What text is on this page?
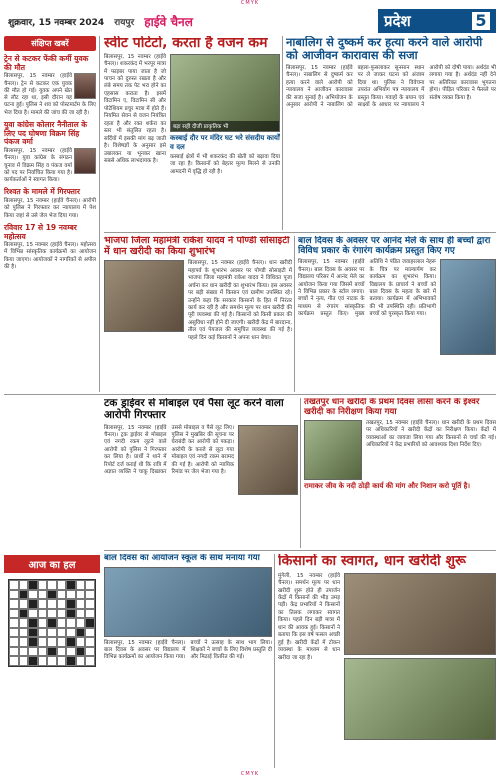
CMYK
शुक्रवार, 15 नवम्बर 2024 रायपुर हाईवे चैनल	प्रदेश	5
संक्षिप्त खबरें
ट्रेन से कटकर फेंकी कर्मी युवक की मौत
बिलासपुर, 15 नवम्बर (हाईवे चैनल)। ट्रेन से कटकर एक युवक की मौत हो गई। युवक अपने खेत से लौट रहा था, इसी दौरान यह घटना हुई। पुलिस ने शव को पोस्टमार्टम के लिए भेज दिया है। मामले की जांच की जा रही है।
युवा कांग्रेस कोलार नैनीताल के लिए पद घोषणा विक्रम सिंह पंकज वर्मा
बिलासपुर, 15 नवम्बर (हाईवे चैनल)। युवा कांग्रेस के संगठन चुनाव में विक्रम सिंह व पंकज वर्मा को पद पर निर्वाचित किया गया है। कार्यकर्ताओं ने स्वागत किया।
रिश्वत के मामले में गिरफ्तार
बिलासपुर, 15 नवम्बर (हाईवे चैनल)। आरोपी को पुलिस ने गिरफ्तार कर न्यायालय में पेश किया जहां से उसे जेल भेज दिया गया।
रविवार 17 से 19 नवम्बर महोत्सव
बिलासपुर, 15 नवम्बर (हाईवे चैनल)। महोत्सव में विभिन्न सांस्कृतिक कार्यक्रमों का आयोजन किया जाएगा। आयोजकों ने नागरिकों से अपील की है।
स्वीट पोटेटो, करता है वजन कम
बिलासपुर, 15 नवम्बर (हाईवे चैनल)। शकरकंद में भरपूर मात्रा में फाइबर पाया जाता है जो पाचन को दुरुस्त रखता है और लंबे समय तक पेट भरा होने का एहसास कराता है। इसमें विटामिन ए, विटामिन सी और पोटेशियम प्रचुर मात्रा में होते हैं। नियमित सेवन से वजन नियंत्रित रहता है और रक्त शर्करा का स्तर भी संतुलित रहता है। सर्दियों में इसकी मांग बढ़ जाती है। विशेषज्ञों के अनुसार इसे उबालकर या भूनकर खाना सबसे अधिक लाभदायक है।
बड़ा सही दीजी प्राकृतिक भी
कस्बाई दौर पर मंदिर घट भरे संसदीय कार्यों व दल
कस्बाई क्षेत्रों में भी शकरकंद की खेती को बढ़ावा दिया जा रहा है। किसानों को बेहतर मूल्य मिलने से उनकी आमदनी में वृद्धि हो रही है।
नाबालिग से दुष्कर्म कर हत्या करने वाले आरोपी को आजीवन कारावास की सजा
बिलासपुर, 15 नवम्बर (हाईवे चैनल)। नाबालिग से दुष्कर्म कर हत्या करने वाले आरोपी को न्यायालय ने आजीवन कारावास की सजा सुनाई है। अभियोजन के अनुसार आरोपी ने नाबालिग को बहला-फुसलाकर सुनसान स्थान पर ले जाकर घटना को अंजाम दिया था। पुलिस ने विवेचना उपरांत अभियोग पत्र न्यायालय में प्रस्तुत किया। गवाहों के बयान एवं साक्ष्यों के आधार पर न्यायालय ने आरोपी को दोषी पाया। अर्थदंड भी लगाया गया है। अर्थदंड नहीं देने पर अतिरिक्त कारावास भुगतना होगा। पीड़ित परिवार ने फैसले पर संतोष व्यक्त किया है।
भाजपा जिला महामंत्री राकेश यादव ने पोण्डी सोसाइटी में धान खरीदी का किया शुभारंभ
बिलासपुर, 15 नवम्बर (हाईवे चैनल)। धान खरीदी महापर्व के शुभारंभ अवसर पर पोण्डी सोसाइटी में भाजपा जिला महामंत्री राकेश यादव ने विधिवत पूजा अर्चना कर धान खरीदी का शुभारंभ किया। इस अवसर पर बड़ी संख्या में किसान एवं ग्रामीण उपस्थित रहे। उन्होंने कहा कि सरकार किसानों के हित में निरंतर कार्य कर रही है और समर्थन मूल्य पर धान खरीदी की पूरी व्यवस्था की गई है। किसानों को किसी प्रकार की असुविधा नहीं होने दी जाएगी। खरीदी केंद्र में बारदाना, तौल एवं पेयजल की समुचित व्यवस्था की गई है। पहले दिन कई किसानों ने अपना धान बेचा।
बाल दिवस के अवसर पर आनंद मेले के साथ ही बच्चों द्वारा विविध प्रकार के रंगारंग कार्यक्रम प्रस्तुत किए गए
बिलासपुर, 15 नवम्बर (हाईवे चैनल)। बाल दिवस के अवसर पर विद्यालय परिसर में आनंद मेले का आयोजन किया गया जिसमें बच्चों ने विभिन्न प्रकार के स्टॉल लगाए। बच्चों ने नृत्य, गीत एवं नाटक के माध्यम से रंगारंग सांस्कृतिक कार्यक्रम प्रस्तुत किए। मुख्य अतिथि ने पंडित जवाहरलाल नेहरू के चित्र पर माल्यार्पण कर कार्यक्रम का शुभारंभ किया। विद्यालय के प्राचार्य ने बच्चों को बाल दिवस के महत्व के बारे में बताया। कार्यक्रम में अभिभावकों की भी उपस्थिति रही। प्रतिभागी बच्चों को पुरस्कृत किया गया।
टक ड्राईवर से मोबाइल एवं पैसा लूट करने वाला आरोपी गिरफ्तार
बिलासपुर, 15 नवम्बर (हाईवे चैनल)। ट्रक ड्राईवर से मोबाइल एवं नगदी रकम लूटने वाले आरोपी को पुलिस ने गिरफ्तार कर लिया है। प्रार्थी ने थाने में रिपोर्ट दर्ज कराई थी कि रात्रि में अज्ञात व्यक्ति ने चाकू दिखाकर उससे मोबाइल व पैसे लूट लिए। पुलिस ने मुखबिर की सूचना पर घेराबंदी कर आरोपी को पकड़ा। आरोपी के कब्जे से लूटा गया मोबाइल एवं नगदी रकम बरामद की गई है। आरोपी को न्यायिक रिमांड पर जेल भेजा गया है।
तखतपुर धान खरीदी के प्रथम दिवस लांसा करने के ईश्वर खरीदी का निरीक्षण किया गया
तखतपुर, 15 नवम्बर (हाईवे चैनल)। धान खरीदी के प्रथम दिवस पर अधिकारियों ने खरीदी केंद्रों का निरीक्षण किया। केंद्रों में व्यवस्थाओं का जायजा लिया गया और किसानों से चर्चा की गई। अधिकारियों ने केंद्र प्रभारियों को आवश्यक दिशा निर्देश दिए।
रामाकर जीव के नदी ठोड़ी कार्य की मांग और निशान करो पूर्ति है।
आज का हल
बाल दिवस का आयोजन स्कूल के साथ मनाया गया
बिलासपुर, 15 नवम्बर (हाईवे चैनल)। बाल दिवस के अवसर पर विद्यालय में विभिन्न कार्यक्रमों का आयोजन किया गया। बच्चों ने उत्साह के साथ भाग लिया। शिक्षकों ने बच्चों के लिए विशेष प्रस्तुति दी और मिठाई वितरित की गई।
किसानों का स्वागत, धान खरीदी शुरू
मुंगेली, 15 नवम्बर (हाईवे चैनल)। समर्थन मूल्य पर धान खरीदी शुरू होते ही उपार्जन केंद्रों में किसानों की भीड़ उमड़ पड़ी। केंद्र प्रभारियों ने किसानों का तिलक लगाकर स्वागत किया। पहले दिन बड़ी मात्रा में धान की आवक हुई। किसानों ने बताया कि इस वर्ष फसल अच्छी हुई है। खरीदी केंद्रों में टोकन व्यवस्था के माध्यम से धान खरीदा जा रहा है।
CMYK
